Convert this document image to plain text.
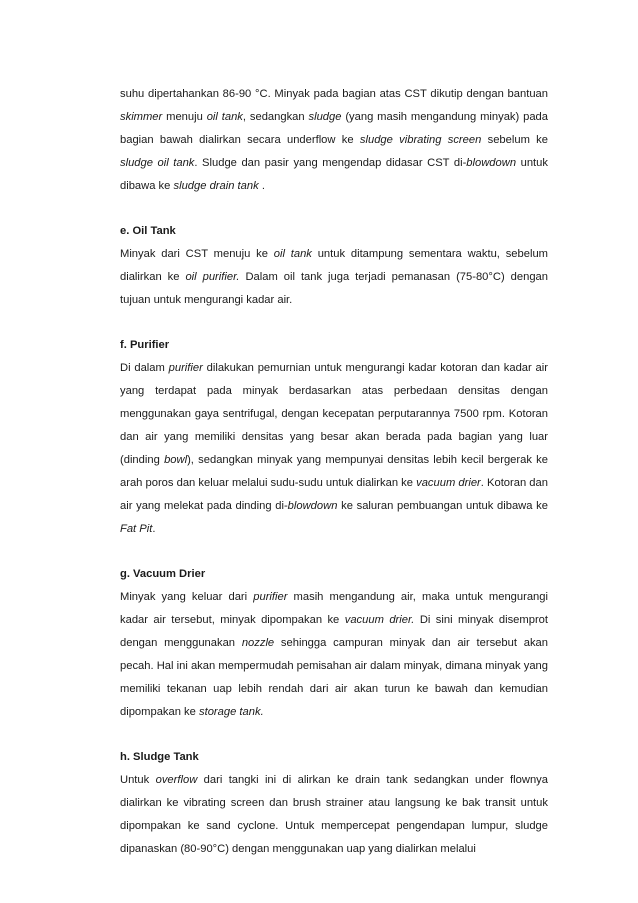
suhu dipertahankan 86-90 °C. Minyak pada bagian atas CST dikutip dengan bantuan skimmer menuju oil tank, sedangkan sludge (yang masih mengandung minyak) pada bagian bawah dialirkan secara underflow ke sludge vibrating screen sebelum ke sludge oil tank. Sludge dan pasir yang mengendap didasar CST di-blowdown untuk dibawa ke sludge drain tank .

e. Oil Tank

Minyak dari CST menuju ke oil tank untuk ditampung sementara waktu, sebelum dialirkan ke oil purifier. Dalam oil tank juga terjadi pemanasan (75-80°C) dengan tujuan untuk mengurangi kadar air.

f. Purifier

Di dalam purifier dilakukan pemurnian untuk mengurangi kadar kotoran dan kadar air yang terdapat pada minyak berdasarkan atas perbedaan densitas dengan menggunakan gaya sentrifugal, dengan kecepatan perputarannya 7500 rpm. Kotoran dan air yang memiliki densitas yang besar akan berada pada bagian yang luar (dinding bowl), sedangkan minyak yang mempunyai densitas lebih kecil bergerak ke arah poros dan keluar melalui sudu-sudu untuk dialirkan ke vacuum drier. Kotoran dan air yang melekat pada dinding di-blowdown ke saluran pembuangan untuk dibawa ke Fat Pit.

g. Vacuum Drier

Minyak yang keluar dari purifier masih mengandung air, maka untuk mengurangi kadar air tersebut, minyak dipompakan ke vacuum drier. Di sini minyak disemprot dengan menggunakan nozzle sehingga campuran minyak dan air tersebut akan pecah. Hal ini akan mempermudah pemisahan air dalam minyak, dimana minyak yang memiliki tekanan uap lebih rendah dari air akan turun ke bawah dan kemudian dipompakan ke storage tank.

h. Sludge Tank

Untuk overflow dari tangki ini di alirkan ke drain tank sedangkan under flownya dialirkan ke vibrating screen dan brush strainer atau langsung ke bak transit untuk dipompakan ke sand cyclone. Untuk mempercepat pengendapan lumpur, sludge dipanaskan (80-90°C) dengan menggunakan uap yang dialirkan melalui
